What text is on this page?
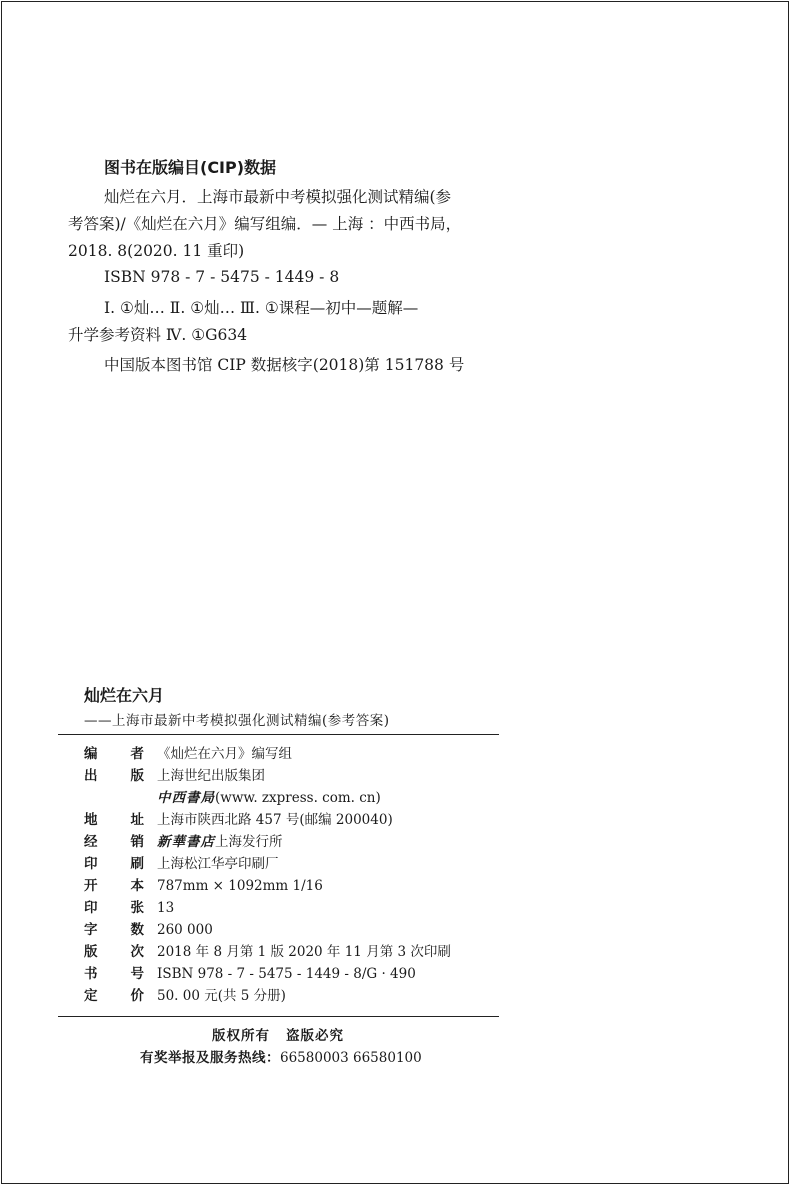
图书在版编目(CIP)数据
灿烂在六月．上海市最新中考模拟强化测试精编(参
考答案)/《灿烂在六月》编写组编．— 上海 ：中西书局，
2018. 8(2020. 11 重印)
ISBN 978 - 7 - 5475 - 1449 - 8
Ⅰ. ①灿… Ⅱ. ①灿… Ⅲ. ①课程—初中—题解—
升学参考资料 Ⅳ. ①G634
中国版本图书馆 CIP 数据核字(2018)第 151788 号
灿烂在六月
——上海市最新中考模拟强化测试精编(参考答案)
编 者 《灿烂在六月》编写组
出 版 上海世纪出版集团
中西書局(www. zxpress. com. cn)
地 址 上海市陕西北路 457 号(邮编 200040)
经 销 新華書店上海发行所
印 刷 上海松江华亭印刷厂
开 本 787mm × 1092mm 1/16
印 张 13
字 数 260 000
版 次 2018 年 8 月第 1 版 2020 年 11 月第 3 次印刷
书 号 ISBN 978 - 7 - 5475 - 1449 - 8/G · 490
定 价 50. 00 元(共 5 分册)
版权所有 盗版必究
有奖举报及服务热线：66580003 66580100
